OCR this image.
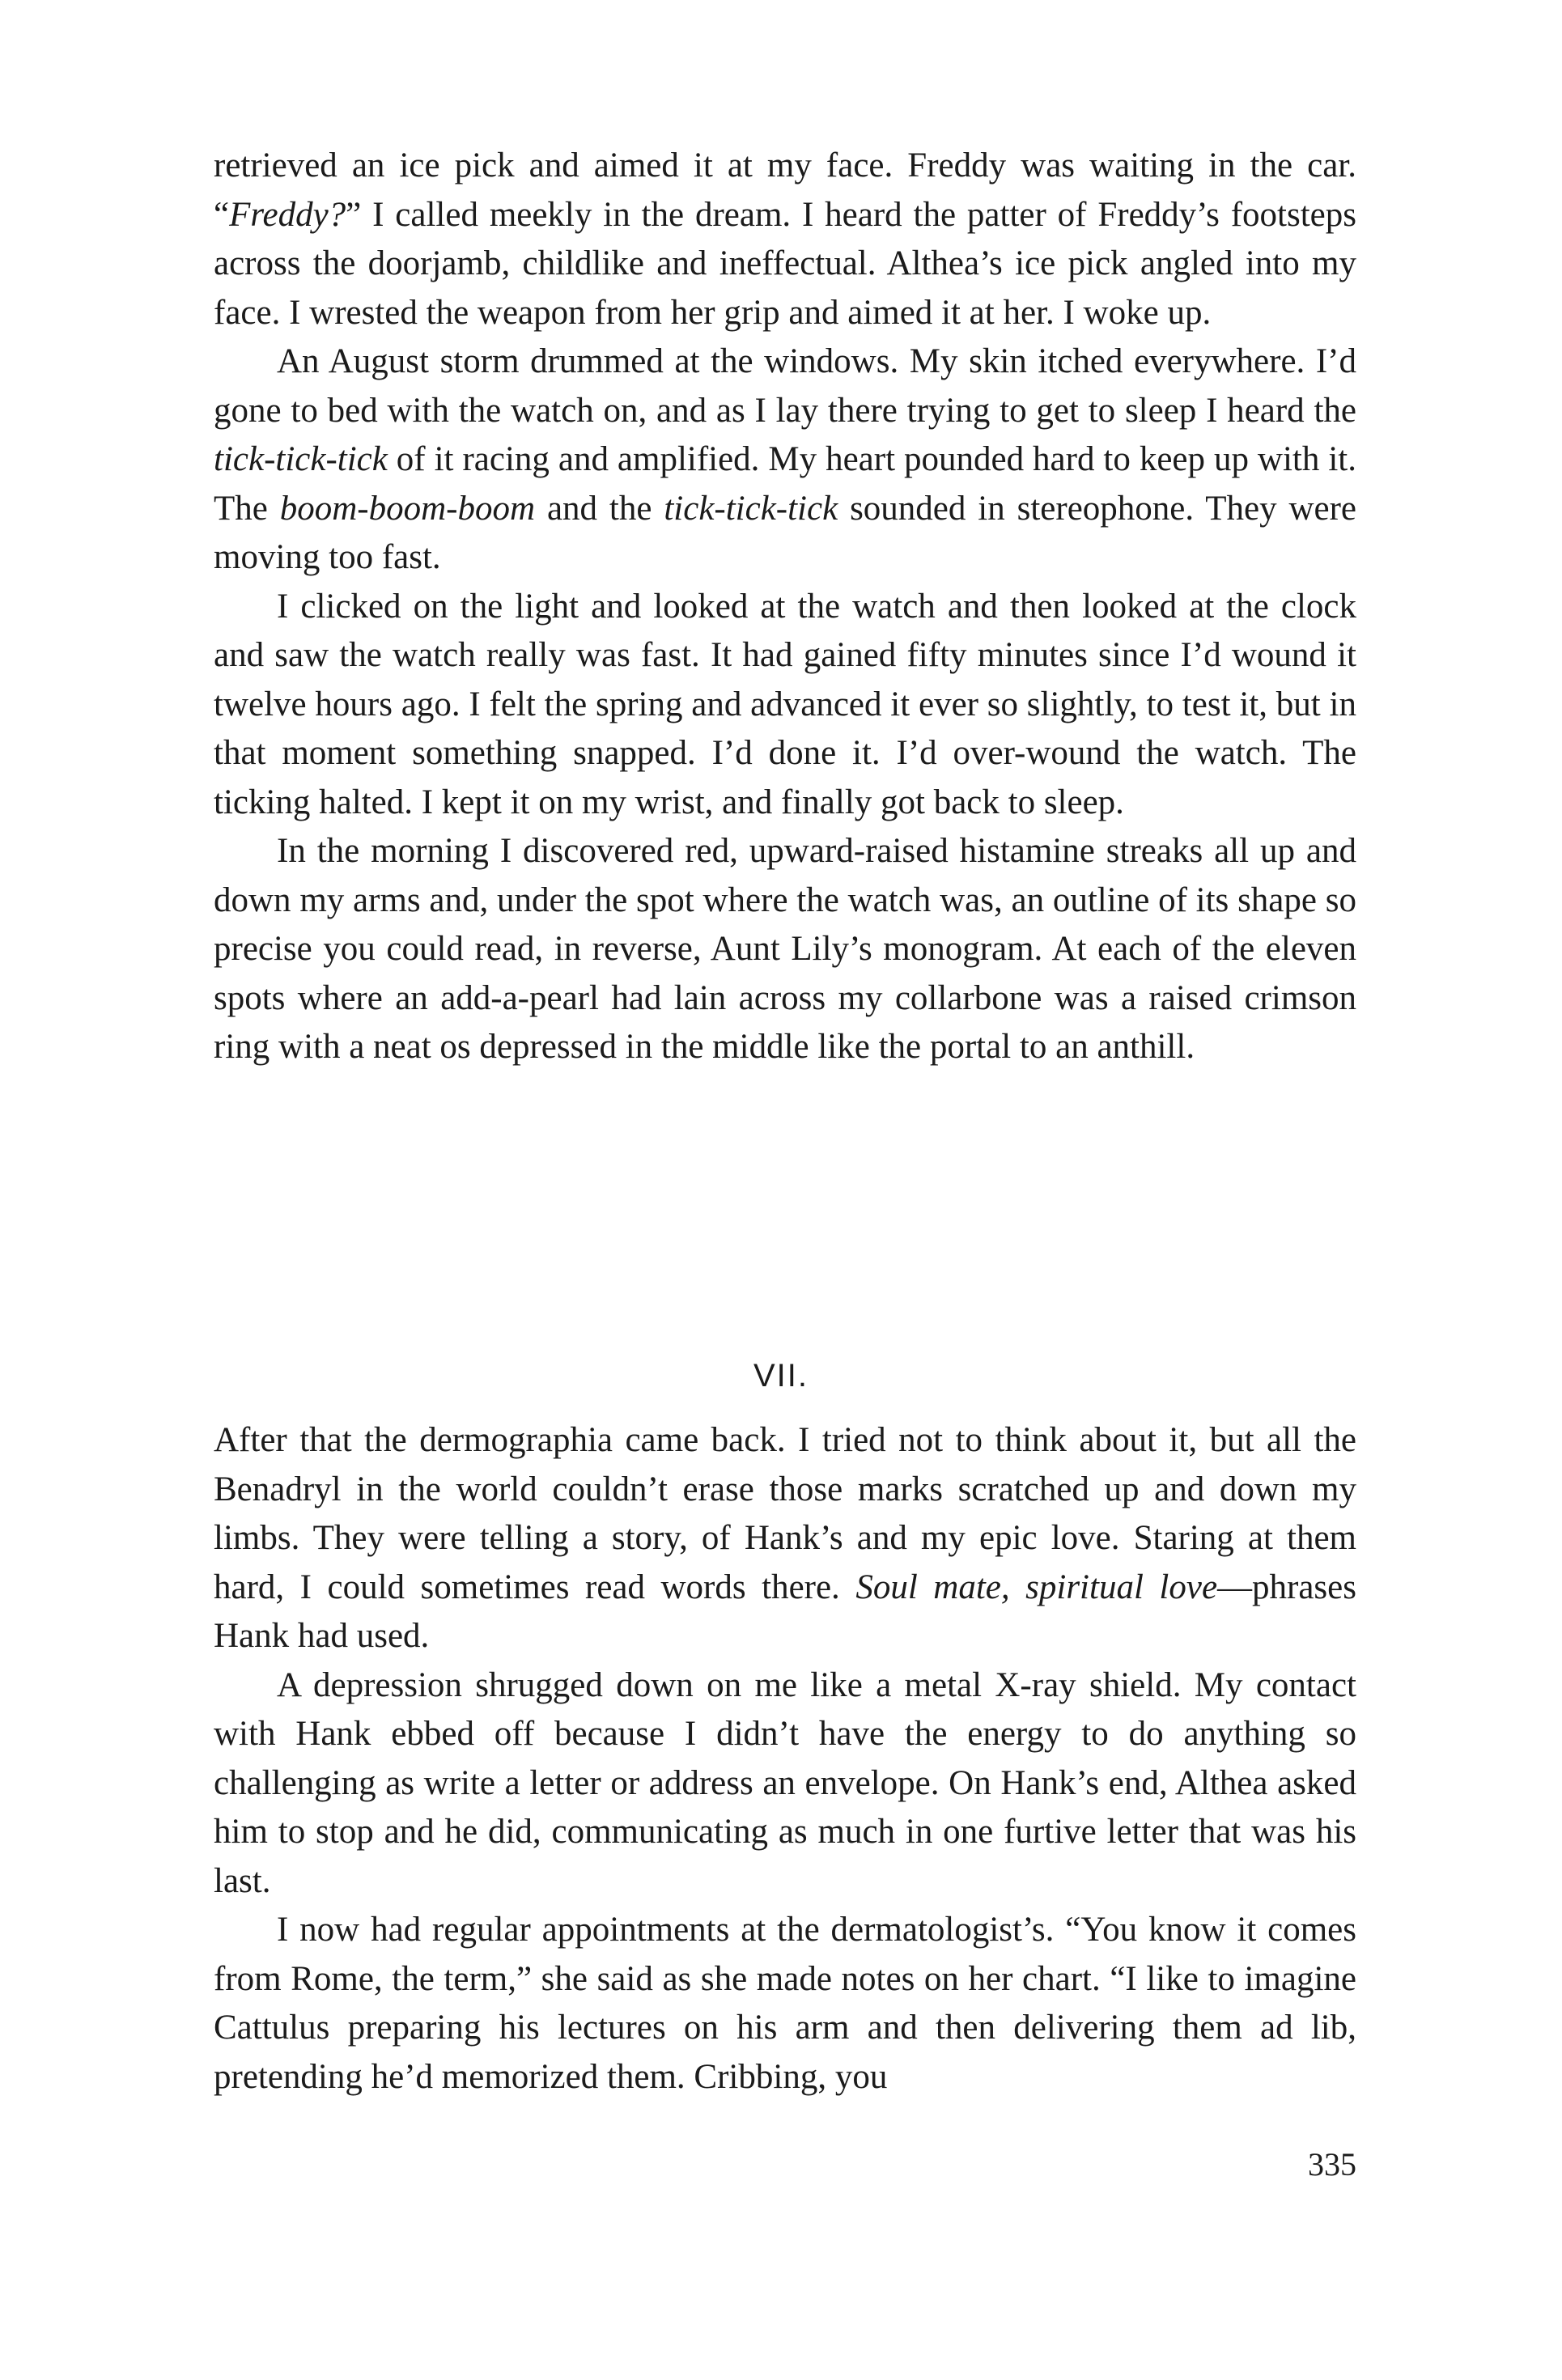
retrieved an ice pick and aimed it at my face. Freddy was waiting in the car. “Freddy?” I called meekly in the dream. I heard the patter of Freddy’s footsteps across the doorjamb, childlike and ineffectual. Althea’s ice pick angled into my face. I wrested the weapon from her grip and aimed it at her. I woke up.

An August storm drummed at the windows. My skin itched everywhere. I’d gone to bed with the watch on, and as I lay there trying to get to sleep I heard the tick-tick-tick of it racing and amplified. My heart pounded hard to keep up with it. The boom-boom-boom and the tick-tick-tick sounded in stereophone. They were moving too fast.

I clicked on the light and looked at the watch and then looked at the clock and saw the watch really was fast. It had gained fifty minutes since I’d wound it twelve hours ago. I felt the spring and advanced it ever so slightly, to test it, but in that moment something snapped. I’d done it. I’d over-wound the watch. The ticking halted. I kept it on my wrist, and finally got back to sleep.

In the morning I discovered red, upward-raised histamine streaks all up and down my arms and, under the spot where the watch was, an outline of its shape so precise you could read, in reverse, Aunt Lily’s monogram. At each of the eleven spots where an add-a-pearl had lain across my collarbone was a raised crimson ring with a neat os depressed in the middle like the portal to an anthill.

VII.

After that the dermographia came back. I tried not to think about it, but all the Benadryl in the world couldn’t erase those marks scratched up and down my limbs. They were telling a story, of Hank’s and my epic love. Staring at them hard, I could sometimes read words there. Soul mate, spiritual love—phrases Hank had used.

A depression shrugged down on me like a metal X-ray shield. My contact with Hank ebbed off because I didn’t have the energy to do anything so challenging as write a letter or address an envelope. On Hank’s end, Althea asked him to stop and he did, communicating as much in one furtive letter that was his last.

I now had regular appointments at the dermatologist’s. “You know it comes from Rome, the term,” she said as she made notes on her chart. “I like to imagine Cattulus preparing his lectures on his arm and then delivering them ad lib, pretending he’d memorized them. Cribbing, you

335
